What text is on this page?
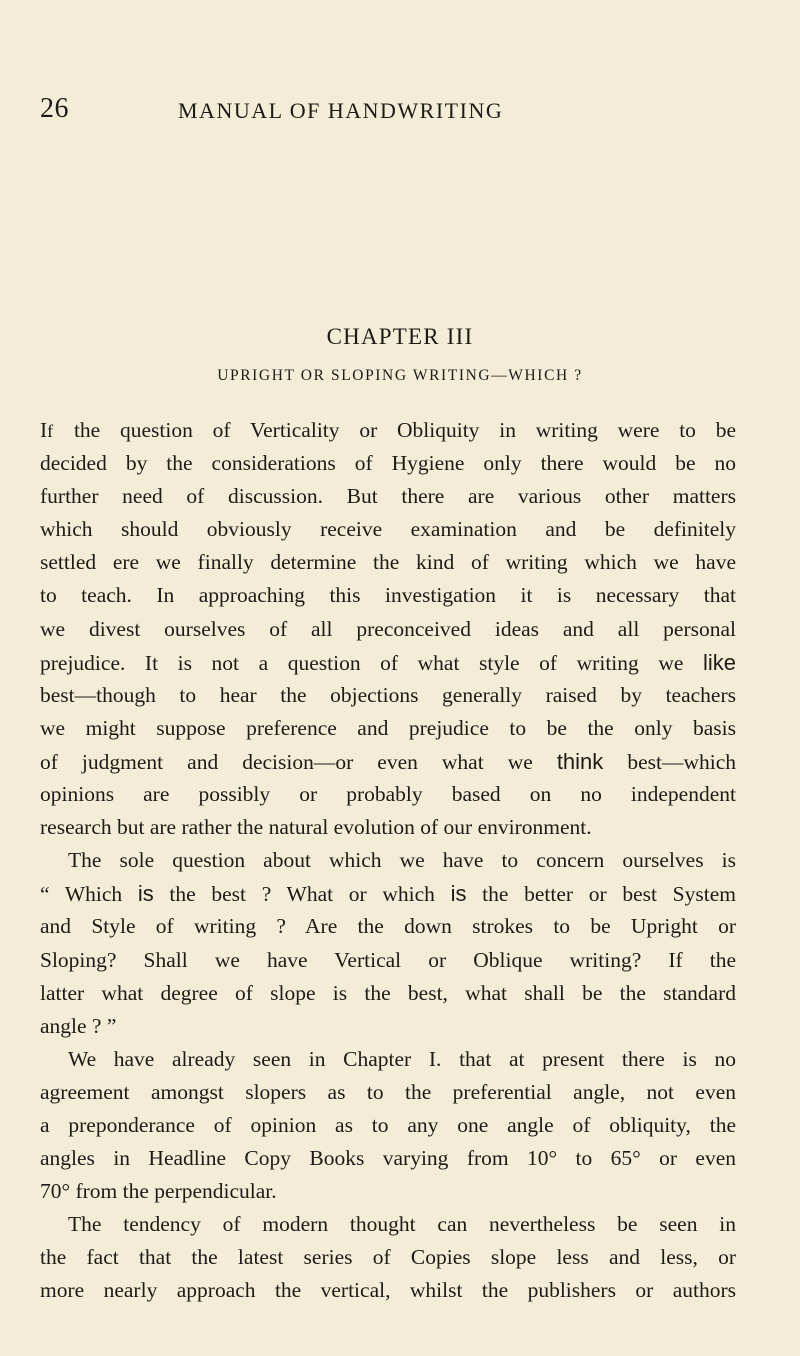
26	MANUAL OF HANDWRITING
CHAPTER III
UPRIGHT OR SLOPING WRITING—WHICH ?
If the question of Verticality or Obliquity in writing were to be
decided by the considerations of Hygiene only there would be no
further need of discussion. But there are various other matters
which should obviously receive examination and be definitely
settled ere we finally determine the kind of writing which we have
to teach. In approaching this investigation it is necessary that
we divest ourselves of all preconceived ideas and all personal
prejudice. It is not a question of what style of writing we like
best—though to hear the objections generally raised by teachers
we might suppose preference and prejudice to be the only basis
of judgment and decision—or even what we think best—which
opinions are possibly or probably based on no independent
research but are rather the natural evolution of our environment.
The sole question about which we have to concern ourselves is
“ Which is the best ? What or which is the better or best System
and Style of writing ? Are the down strokes to be Upright or
Sloping? Shall we have Vertical or Oblique writing? If the
latter what degree of slope is the best, what shall be the standard
angle ? ”
We have already seen in Chapter I. that at present there is no
agreement amongst slopers as to the preferential angle, not even
a preponderance of opinion as to any one angle of obliquity, the
angles in Headline Copy Books varying from 10° to 65° or even
70° from the perpendicular.
The tendency of modern thought can nevertheless be seen in
the fact that the latest series of Copies slope less and less, or
more nearly approach the vertical, whilst the publishers or authors
